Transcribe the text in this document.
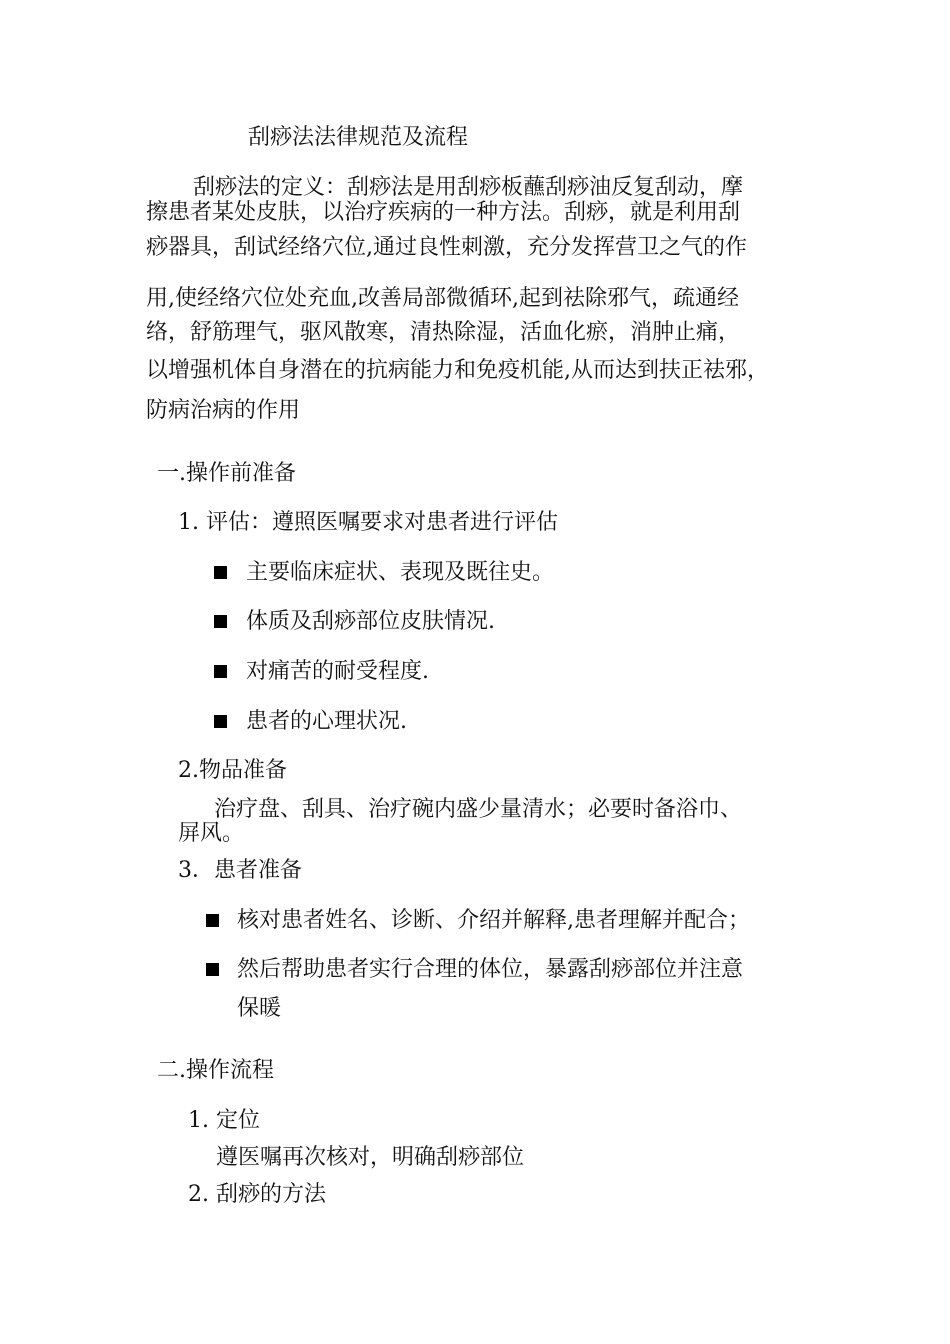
刮痧法法律规范及流程
刮痧法的定义：刮痧法是用刮痧板蘸刮痧油反复刮动，摩
擦患者某处皮肤，以治疗疾病的一种方法。刮痧，就是利用刮
痧器具，刮试经络穴位,通过良性刺激，充分发挥营卫之气的作
用,使经络穴位处充血,改善局部微循环,起到祛除邪气，疏通经
络，舒筋理气，驱风散寒，清热除湿，活血化瘀，消肿止痛，
以增强机体自身潜在的抗病能力和免疫机能,从而达到扶正祛邪，
防病治病的作用
一.操作前准备
1. 评估：遵照医嘱要求对患者进行评估
主要临床症状、表现及既往史。
体质及刮痧部位皮肤情况.
对痛苦的耐受程度.
患者的心理状况.
2.物品准备
治疗盘、刮具、治疗碗内盛少量清水；必要时备浴巾、
屏风。
3．患者准备
核对患者姓名、诊断、介绍并解释,患者理解并配合；
然后帮助患者实行合理的体位，暴露刮痧部位并注意
保暖
二.操作流程
1. 定位
遵医嘱再次核对，明确刮痧部位
2. 刮痧的方法
